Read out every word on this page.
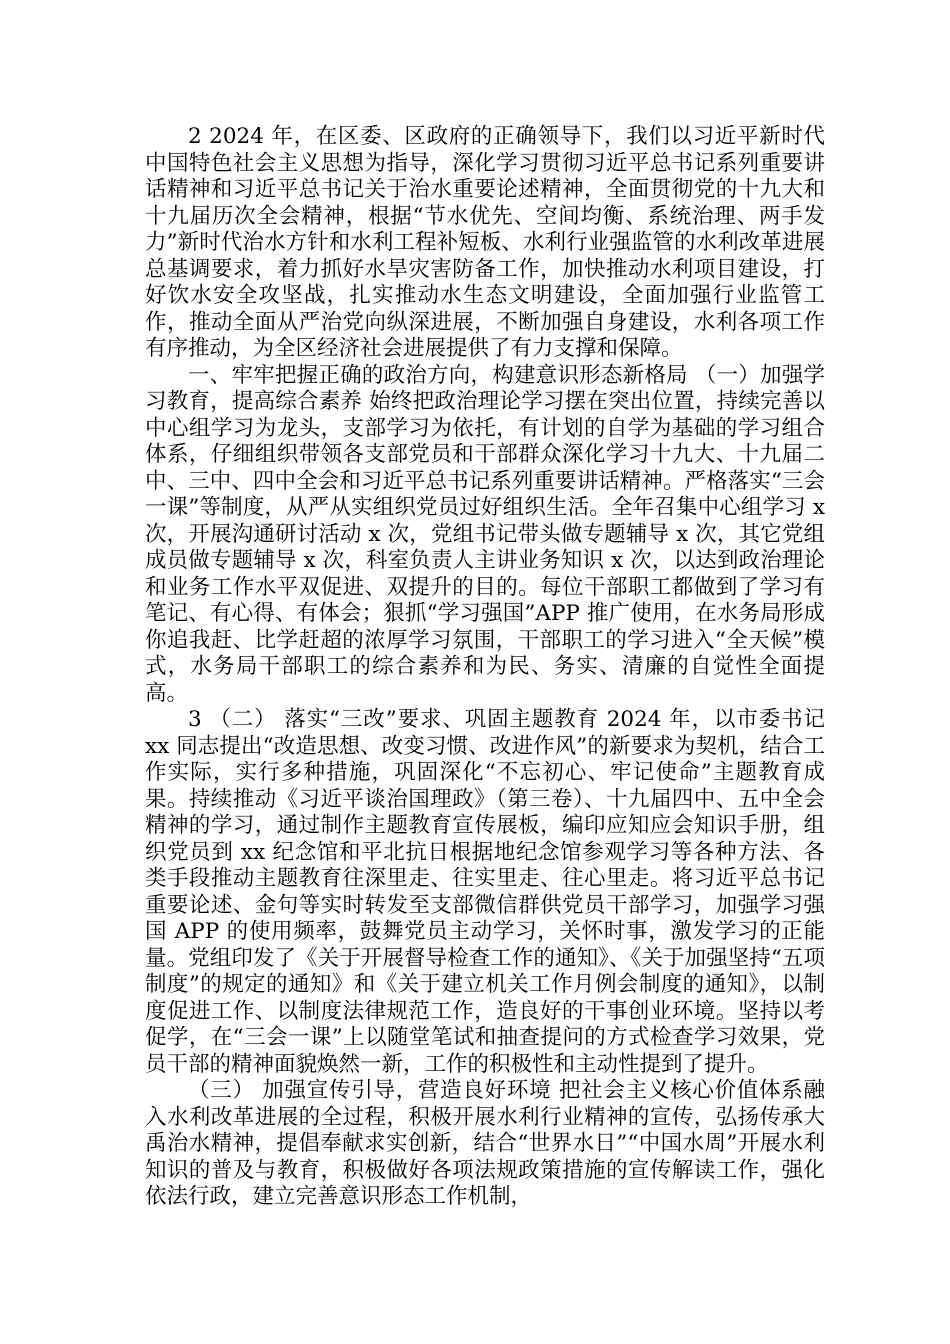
2 2024 年，在区委、区政府的正确领导下，我们以习近平新时代中国特色社会主义思想为指导，深化学习贯彻习近平总书记系列重要讲话精神和习近平总书记关于治水重要论述精神，全面贯彻党的十九大和十九届历次全会精神，根据“节水优先、空间均衡、系统治理、两手发力”新时代治水方针和水利工程补短板、水利行业强监管的水利改革进展总基调要求，着力抓好水旱灾害防备工作，加快推动水利项目建设，打好饮水安全攻坚战，扎实推动水生态文明建设，全面加强行业监管工作，推动全面从严治党向纵深进展，不断加强自身建设，水利各项工作有序推动，为全区经济社会进展提供了有力支撑和保障。

一、牢牢把握正确的政治方向，构建意识形态新格局 （一）加强学习教育，提高综合素养 始终把政治理论学习摆在突出位置，持续完善以中心组学习为龙头，支部学习为依托，有计划的自学为基础的学习组合体系，仔细组织带领各支部党员和干部群众深化学习十九大、十九届二中、三中、四中全会和习近平总书记系列重要讲话精神。严格落实“三会一课”等制度，从严从实组织党员过好组织生活。全年召集中心组学习 x 次，开展沟通研讨活动 x 次，党组书记带头做专题辅导 x 次，其它党组成员做专题辅导 x 次，科室负责人主讲业务知识 x 次，以达到政治理论和业务工作水平双促进、双提升的目的。每位干部职工都做到了学习有笔记、有心得、有体会；狠抓“学习强国”APP 推广使用，在水务局形成你追我赶、比学赶超的浓厚学习氛围，干部职工的学习进入“全天候”模式，水务局干部职工的综合素养和为民、务实、清廉的自觉性全面提高。

3 （二） 落实“三改”要求、巩固主题教育 2024 年，以市委书记 xx 同志提出“改造思想、改变习惯、改进作风”的新要求为契机，结合工作实际，实行多种措施，巩固深化“不忘初心、牢记使命”主题教育成果。持续推动《习近平谈治国理政》（第三卷）、十九届四中、五中全会精神的学习，通过制作主题教育宣传展板，编印应知应会知识手册，组织党员到 xx 纪念馆和平北抗日根据地纪念馆参观学习等各种方法、各类手段推动主题教育往深里走、往实里走、往心里走。将习近平总书记重要论述、金句等实时转发至支部微信群供党员干部学习，加强学习强国 APP 的使用频率，鼓舞党员主动学习，关怀时事，激发学习的正能量。党组印发了《关于开展督导检查工作的通知》、《关于加强坚持“五项制度”的规定的通知》和《关于建立机关工作月例会制度的通知》，以制度促进工作、以制度法律规范工作，造良好的干事创业环境。坚持以考促学，在“三会一课”上以随堂笔试和抽查提问的方式检查学习效果，党员干部的精神面貌焕然一新，工作的积极性和主动性提到了提升。

（三） 加强宣传引导，营造良好环境 把社会主义核心价值体系融入水利改革进展的全过程，积极开展水利行业精神的宣传，弘扬传承大禹治水精神，提倡奉献求实创新，结合“世界水日”“中国水周”开展水利知识的普及与教育，积极做好各项法规政策措施的宣传解读工作，强化依法行政，建立完善意识形态工作机制，
